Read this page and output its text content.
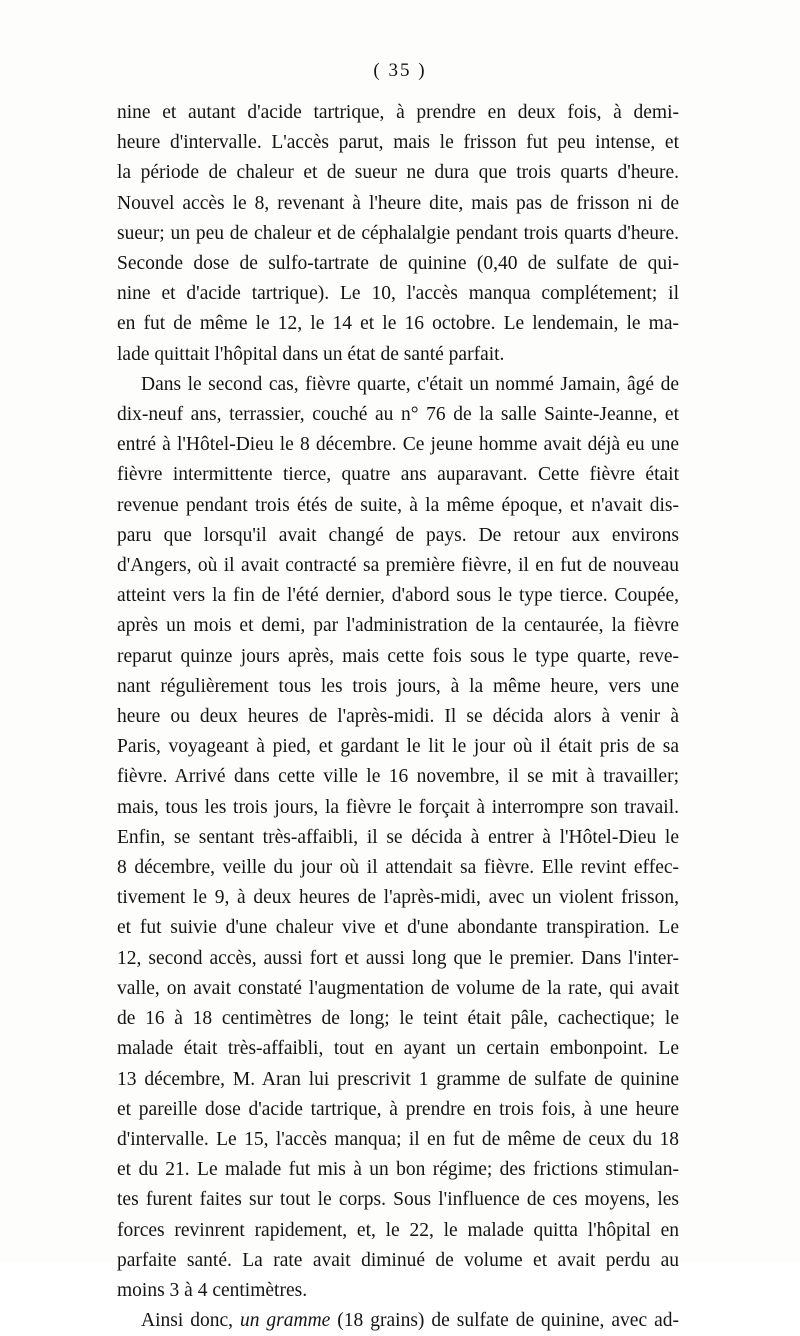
( 35 )
nine et autant d'acide tartrique, à prendre en deux fois, à demi-
heure d'intervalle. L'accès parut, mais le frisson fut peu intense, et
la période de chaleur et de sueur ne dura que trois quarts d'heure.
Nouvel accès le 8, revenant à l'heure dite, mais pas de frisson ni de
sueur; un peu de chaleur et de céphalalgie pendant trois quarts d'heure.
Seconde dose de sulfo-tartrate de quinine (0,40 de sulfate de qui-
nine et d'acide tartrique). Le 10, l'accès manqua complétement; il
en fut de même le 12, le 14 et le 16 octobre. Le lendemain, le ma-
lade quittait l'hôpital dans un état de santé parfait.
Dans le second cas, fièvre quarte, c'était un nommé Jamain, âgé de
dix-neuf ans, terrassier, couché au n° 76 de la salle Sainte-Jeanne, et
entré à l'Hôtel-Dieu le 8 décembre. Ce jeune homme avait déjà eu une
fièvre intermittente tierce, quatre ans auparavant. Cette fièvre était
revenue pendant trois étés de suite, à la même époque, et n'avait dis-
paru que lorsqu'il avait changé de pays. De retour aux environs
d'Angers, où il avait contracté sa première fièvre, il en fut de nouveau
atteint vers la fin de l'été dernier, d'abord sous le type tierce. Coupée,
après un mois et demi, par l'administration de la centaurée, la fièvre
reparut quinze jours après, mais cette fois sous le type quarte, reve-
nant régulièrement tous les trois jours, à la même heure, vers une
heure ou deux heures de l'après-midi. Il se décida alors à venir à
Paris, voyageant à pied, et gardant le lit le jour où il était pris de sa
fièvre. Arrivé dans cette ville le 16 novembre, il se mit à travailler;
mais, tous les trois jours, la fièvre le forçait à interrompre son travail.
Enfin, se sentant très-affaibli, il se décida à entrer à l'Hôtel-Dieu le
8 décembre, veille du jour où il attendait sa fièvre. Elle revint effec-
tivement le 9, à deux heures de l'après-midi, avec un violent frisson,
et fut suivie d'une chaleur vive et d'une abondante transpiration. Le
12, second accès, aussi fort et aussi long que le premier. Dans l'inter-
valle, on avait constaté l'augmentation de volume de la rate, qui avait
de 16 à 18 centimètres de long; le teint était pâle, cachectique; le
malade était très-affaibli, tout en ayant un certain embonpoint. Le
13 décembre, M. Aran lui prescrivit 1 gramme de sulfate de quinine
et pareille dose d'acide tartrique, à prendre en trois fois, à une heure
d'intervalle. Le 15, l'accès manqua; il en fut de même de ceux du 18
et du 21. Le malade fut mis à un bon régime; des frictions stimulan-
tes furent faites sur tout le corps. Sous l'influence de ces moyens, les
forces revinrent rapidement, et, le 22, le malade quitta l'hôpital en
parfaite santé. La rate avait diminué de volume et avait perdu au
moins 3 à 4 centimètres.
Ainsi donc, un gramme (18 grains) de sulfate de quinine, avec ad-
